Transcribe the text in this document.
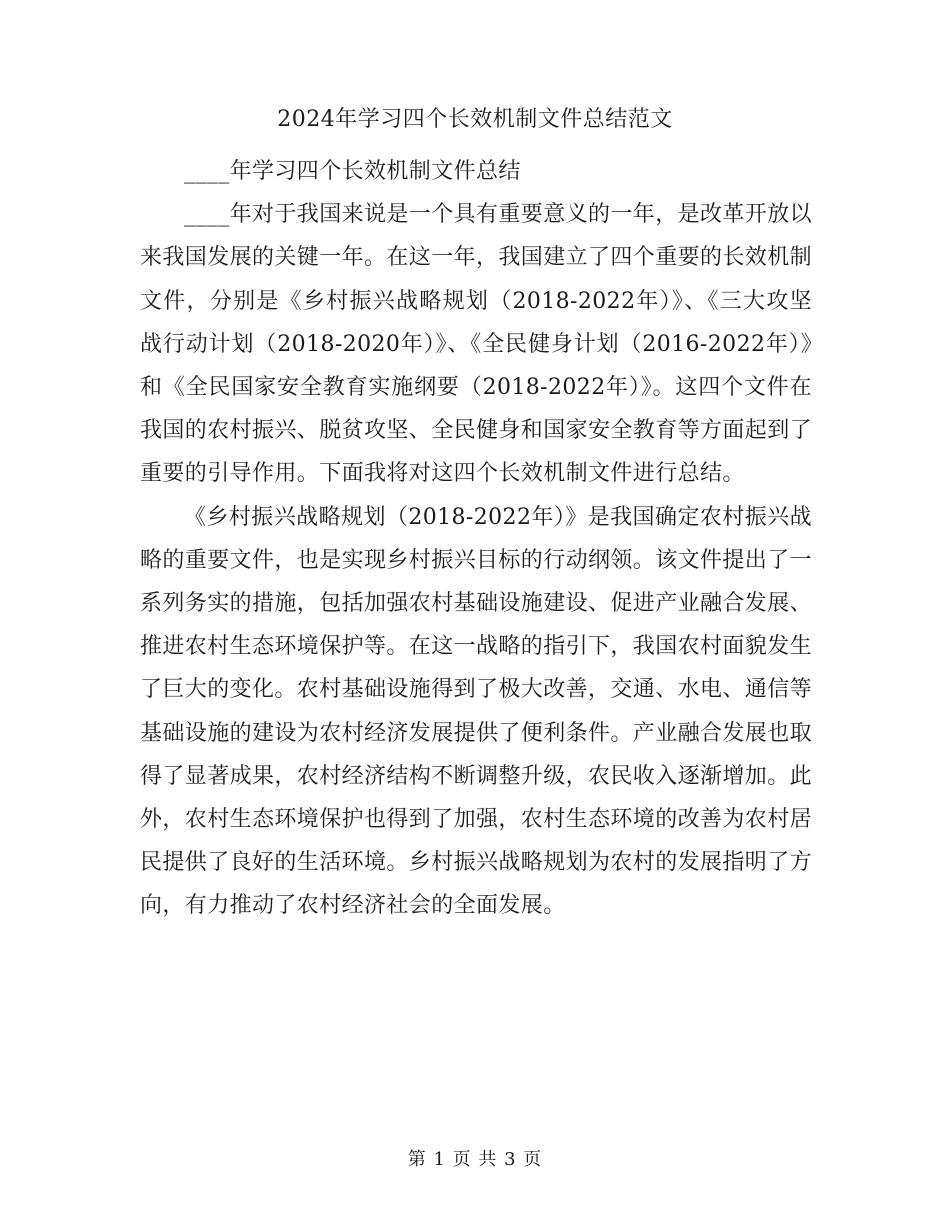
2024年学习四个长效机制文件总结范文

____年学习四个长效机制文件总结

____年对于我国来说是一个具有重要意义的一年，是改革开放以来我国发展的关键一年。在这一年，我国建立了四个重要的长效机制文件，分别是《乡村振兴战略规划（2018-2022年）》、《三大攻坚战行动计划（2018-2020年）》、《全民健身计划（2016-2022年）》和《全民国家安全教育实施纲要（2018-2022年）》。这四个文件在我国的农村振兴、脱贫攻坚、全民健身和国家安全教育等方面起到了重要的引导作用。下面我将对这四个长效机制文件进行总结。

《乡村振兴战略规划（2018-2022年）》是我国确定农村振兴战略的重要文件，也是实现乡村振兴目标的行动纲领。该文件提出了一系列务实的措施，包括加强农村基础设施建设、促进产业融合发展、推进农村生态环境保护等。在这一战略的指引下，我国农村面貌发生了巨大的变化。农村基础设施得到了极大改善，交通、水电、通信等基础设施的建设为农村经济发展提供了便利条件。产业融合发展也取得了显著成果，农村经济结构不断调整升级，农民收入逐渐增加。此外，农村生态环境保护也得到了加强，农村生态环境的改善为农村居民提供了良好的生活环境。乡村振兴战略规划为农村的发展指明了方向，有力推动了农村经济社会的全面发展。

第 1 页 共 3 页
